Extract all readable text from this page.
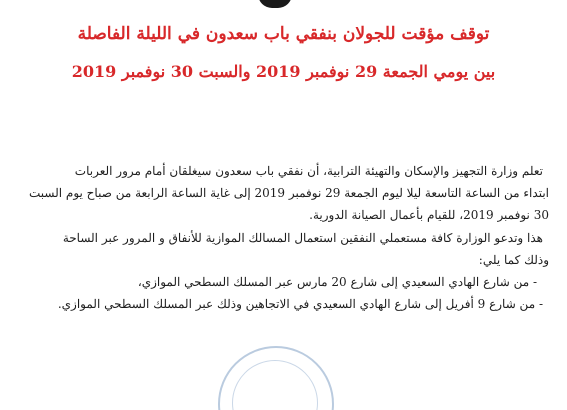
توقف مؤقت للجولان بنفقي باب سعدون في الليلة الفاصلة
بين يومي الجمعة 29 نوفمبر 2019 والسبت 30 نوفمبر 2019
تعلم وزارة التجهيز والإسكان والتهيئة الترابية، أن نفقي باب سعدون سيغلقان أمام مرور العربات
ابتداء من الساعة التاسعة ليلا ليوم الجمعة 29 نوفمبر 2019 إلى غاية الساعة الرابعة من صباح يوم السبت
30 نوفمبر 2019، للقيام بأعمال الصيانة الدورية.
هذا وتدعو الوزارة كافة مستعملي النفقين استعمال المسالك الموازية للأنفاق و المرور عبر الساحة
وذلك كما يلي:
- من شارع الهادي السعيدي إلى شارع 20 مارس عبر المسلك السطحي الموازي،
- من شارع 9 أفريل إلى شارع الهادي السعيدي في الاتجاهين وذلك عبر المسلك السطحي الموازي.
